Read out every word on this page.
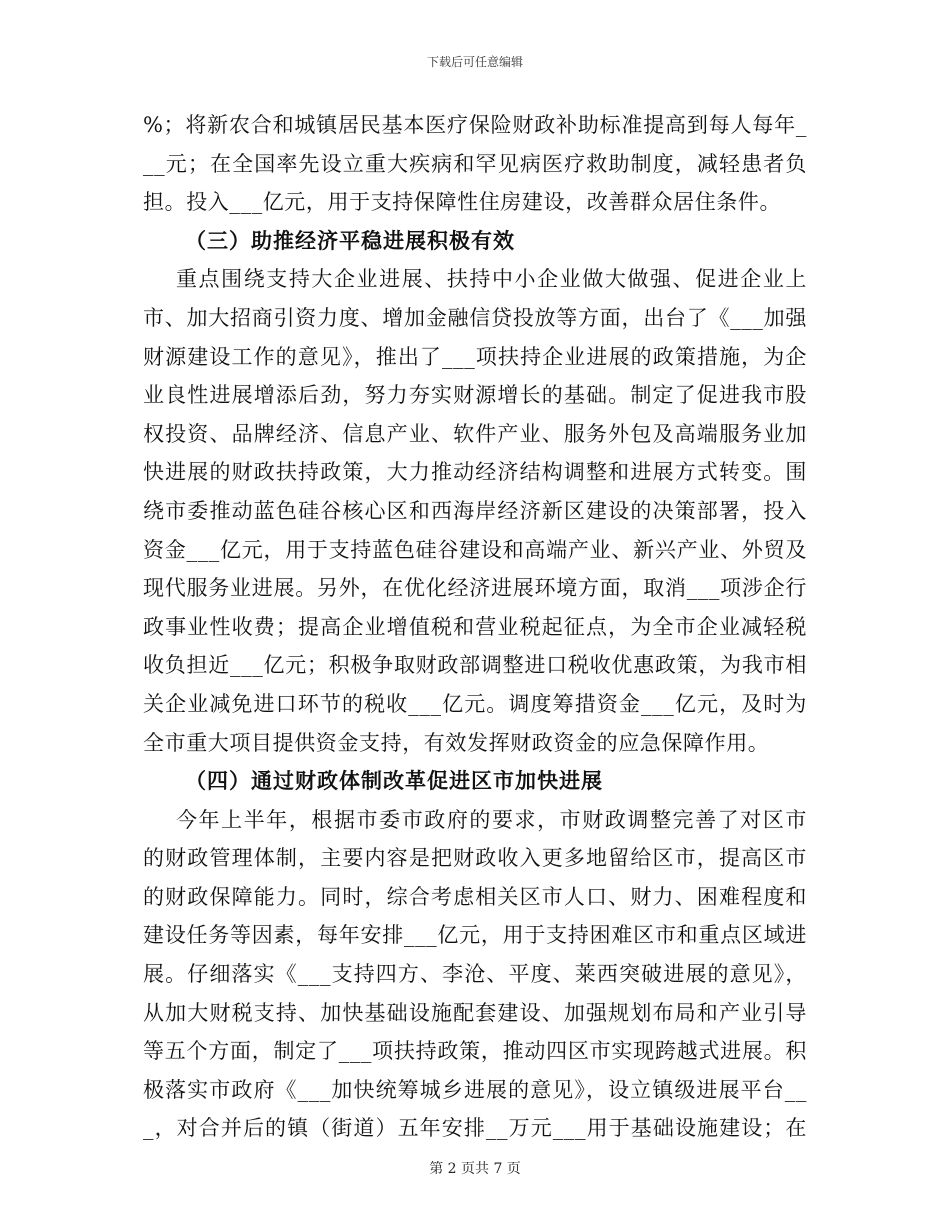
下载后可任意编辑
%；将新农合和城镇居民基本医疗保险财政补助标准提高到每人每年_
__元；在全国率先设立重大疾病和罕见病医疗救助制度，减轻患者负
担。投入___亿元，用于支持保障性住房建设，改善群众居住条件。
（三）助推经济平稳进展积极有效
重点围绕支持大企业进展、扶持中小企业做大做强、促进企业上
市、加大招商引资力度、增加金融信贷投放等方面，出台了《___加强
财源建设工作的意见》，推出了___项扶持企业进展的政策措施，为企
业良性进展增添后劲，努力夯实财源增长的基础。制定了促进我市股
权投资、品牌经济、信息产业、软件产业、服务外包及高端服务业加
快进展的财政扶持政策，大力推动经济结构调整和进展方式转变。围
绕市委推动蓝色硅谷核心区和西海岸经济新区建设的决策部署，投入
资金___亿元，用于支持蓝色硅谷建设和高端产业、新兴产业、外贸及
现代服务业进展。另外，在优化经济进展环境方面，取消___项涉企行
政事业性收费；提高企业增值税和营业税起征点，为全市企业减轻税
收负担近___亿元；积极争取财政部调整进口税收优惠政策，为我市相
关企业减免进口环节的税收___亿元。调度筹措资金___亿元，及时为
全市重大项目提供资金支持，有效发挥财政资金的应急保障作用。
（四）通过财政体制改革促进区市加快进展
今年上半年，根据市委市政府的要求，市财政调整完善了对区市
的财政管理体制，主要内容是把财政收入更多地留给区市，提高区市
的财政保障能力。同时，综合考虑相关区市人口、财力、困难程度和
建设任务等因素，每年安排___亿元，用于支持困难区市和重点区域进
展。仔细落实《___支持四方、李沧、平度、莱西突破进展的意见》，
从加大财税支持、加快基础设施配套建设、加强规划布局和产业引导
等五个方面，制定了___项扶持政策，推动四区市实现跨越式进展。积
极落实市政府《___加快统筹城乡进展的意见》，设立镇级进展平台__
_，对合并后的镇（街道）五年安排__万元___用于基础设施建设；在
第 2 页共 7 页
